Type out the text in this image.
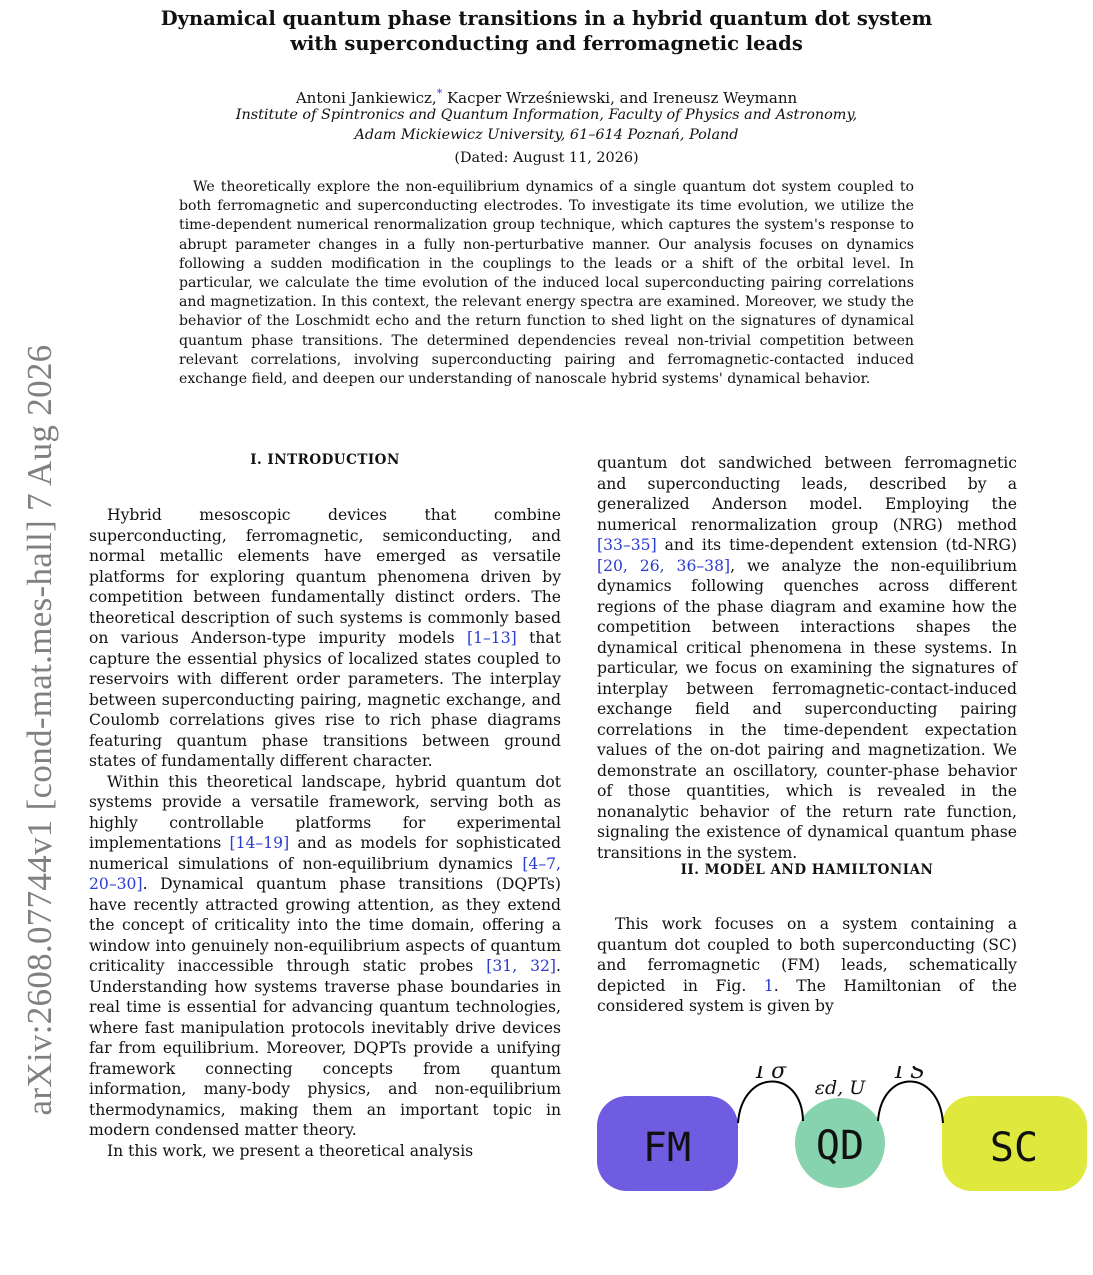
Dynamical quantum phase transitions in a hybrid quantum dot system
with superconducting and ferromagnetic leads
Antoni Jankiewicz,* Kacper Wrześniewski, and Ireneusz Weymann
Institute of Spintronics and Quantum Information, Faculty of Physics and Astronomy,
Adam Mickiewicz University, 61–614 Poznań, Poland
(Dated: August 11, 2026)
We theoretically explore the non-equilibrium dynamics of a single quantum dot system coupled to both ferromagnetic and superconducting electrodes. To investigate its time evolution, we utilize the time-dependent numerical renormalization group technique, which captures the system's response to abrupt parameter changes in a fully non-perturbative manner. Our analysis focuses on dynamics following a sudden modification in the couplings to the leads or a shift of the orbital level. In particular, we calculate the time evolution of the induced local superconducting pairing correlations and magnetization. In this context, the relevant energy spectra are examined. Moreover, we study the behavior of the Loschmidt echo and the return function to shed light on the signatures of dynamical quantum phase transitions. The determined dependencies reveal non-trivial competition between relevant correlations, involving superconducting pairing and ferromagnetic-contacted induced exchange field, and deepen our understanding of nanoscale hybrid systems' dynamical behavior.
arXiv:2608.07744v1 [cond-mat.mes-hall] 7 Aug 2026	I. INTRODUCTION

Hybrid mesoscopic devices that combine superconducting, ferromagnetic, semiconducting, and normal metallic elements have emerged as versatile platforms for exploring quantum phenomena driven by competition between fundamentally distinct orders. The theoretical description of such systems is commonly based on various Anderson-type impurity models [1–13] that capture the essential physics of localized states coupled to reservoirs with different order parameters. The interplay between superconducting pairing, magnetic exchange, and Coulomb correlations gives rise to rich phase diagrams featuring quantum phase transitions between ground states of fundamentally different character.

Within this theoretical landscape, hybrid quantum dot systems provide a versatile framework, serving both as highly controllable platforms for experimental implementations [14–19] and as models for sophisticated numerical simulations of non-equilibrium dynamics [4–7, 20–30]. Dynamical quantum phase transitions (DQPTs) have recently attracted growing attention, as they extend the concept of criticality into the time domain, offering a window into genuinely non-equilibrium aspects of quantum criticality inaccessible through static probes [31, 32]. Understanding how systems traverse phase boundaries in real time is essential for advancing quantum technologies, where fast manipulation protocols inevitably drive devices far from equilibrium. Moreover, DQPTs provide a unifying framework connecting concepts from quantum information, many-body physics, and non-equilibrium thermodynamics, making them an important topic in modern condensed matter theory.

In this work, we present a theoretical analysis

quantum dot sandwiched between ferromagnetic and superconducting leads, described by a generalized Anderson model. Employing the numerical renormalization group (NRG) method [33–35] and its time-dependent extension (td-NRG) [20, 26, 36–38], we analyze the non-equilibrium dynamics following quenches across different regions of the phase diagram and examine how the competition between interactions shapes the dynamical critical phenomena in these systems. In particular, we focus on examining the signatures of interplay between ferromagnetic-contact-induced exchange field and superconducting pairing correlations in the time-dependent expectation values of the on-dot pairing and magnetization. We demonstrate an oscillatory, counter-phase behavior of those quantities, which is revealed in the nonanalytic behavior of the return rate function, signaling the existence of dynamical quantum phase transitions in the system.

II. MODEL AND HAMILTONIAN

This work focuses on a system containing a quantum dot coupled to both superconducting (SC) and ferromagnetic (FM) leads, schematically depicted in Fig. 1. The Hamiltonian of the considered system is given by

FM	QD	SC
Γσ	ΓS
εd, U
